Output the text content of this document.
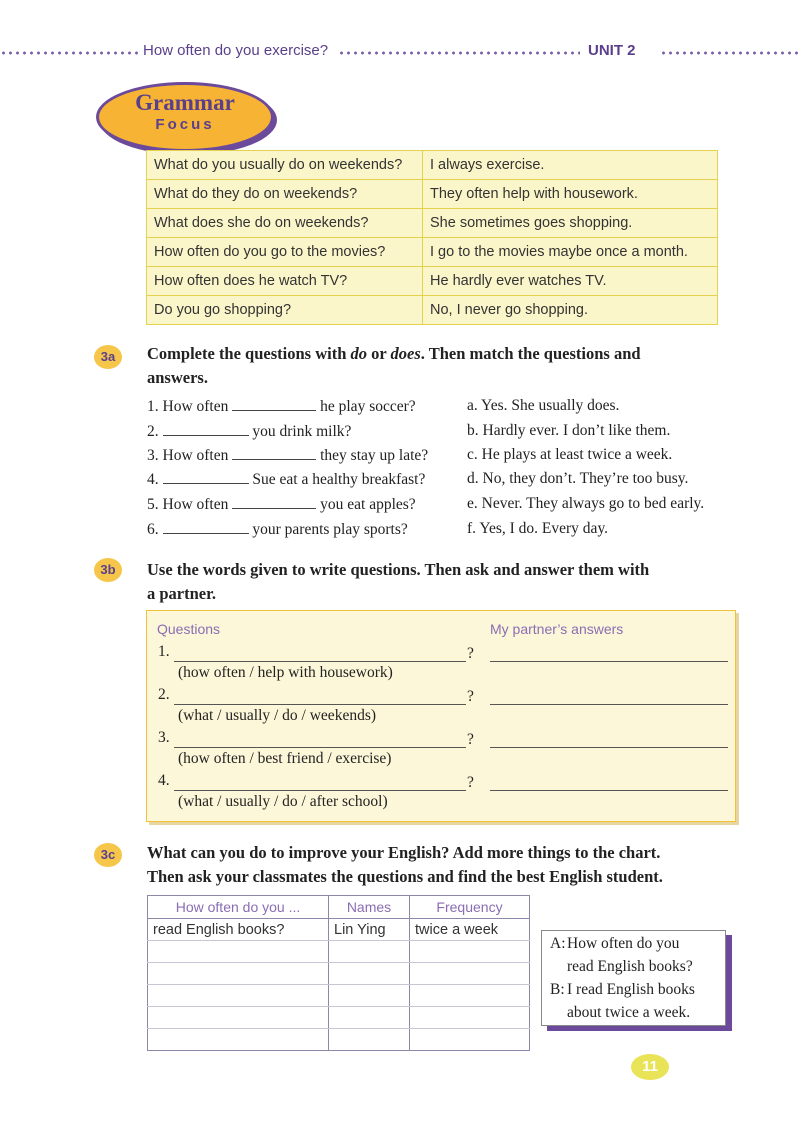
How often do you exercise?	UNIT 2
Grammar
Focus
What do you usually do on weekends?	I always exercise.
What do they do on weekends?	They often help with housework.
What does she do on weekends?	She sometimes goes shopping.
How often do you go to the movies?	I go to the movies maybe once a month.
How often does he watch TV?	He hardly ever watches TV.
Do you go shopping?	No, I never go shopping.
3a	Complete the questions with do or does. Then match the questions and
answers.
1. How often	he play soccer?
2.	you drink milk?
3. How often	they stay up late?
4.	Sue eat a healthy breakfast?
5. How often	you eat apples?
6.	your parents play sports?
a. Yes. She usually does.
b. Hardly ever. I don’t like them.
c. He plays at least twice a week.
d. No, they don’t. They’re too busy.
e. Never. They always go to bed early.
f. Yes, I do. Every day.
3b	Use the words given to write questions. Then ask and answer them with
a partner.
Questions	My partner’s answers
1.	?
(how often / help with housework)
2.	?
(what / usually / do / weekends)
3.	?
(how often / best friend / exercise)
4.	?
(what / usually / do / after school)
3c	What can you do to improve your English? Add more things to the chart.
Then ask your classmates the questions and find the best English student.
How often do you ...	Names	Frequency
read English books?	Lin Ying	twice a week

A: How often do you
read English books?
B: I read English books
about twice a week.
11
